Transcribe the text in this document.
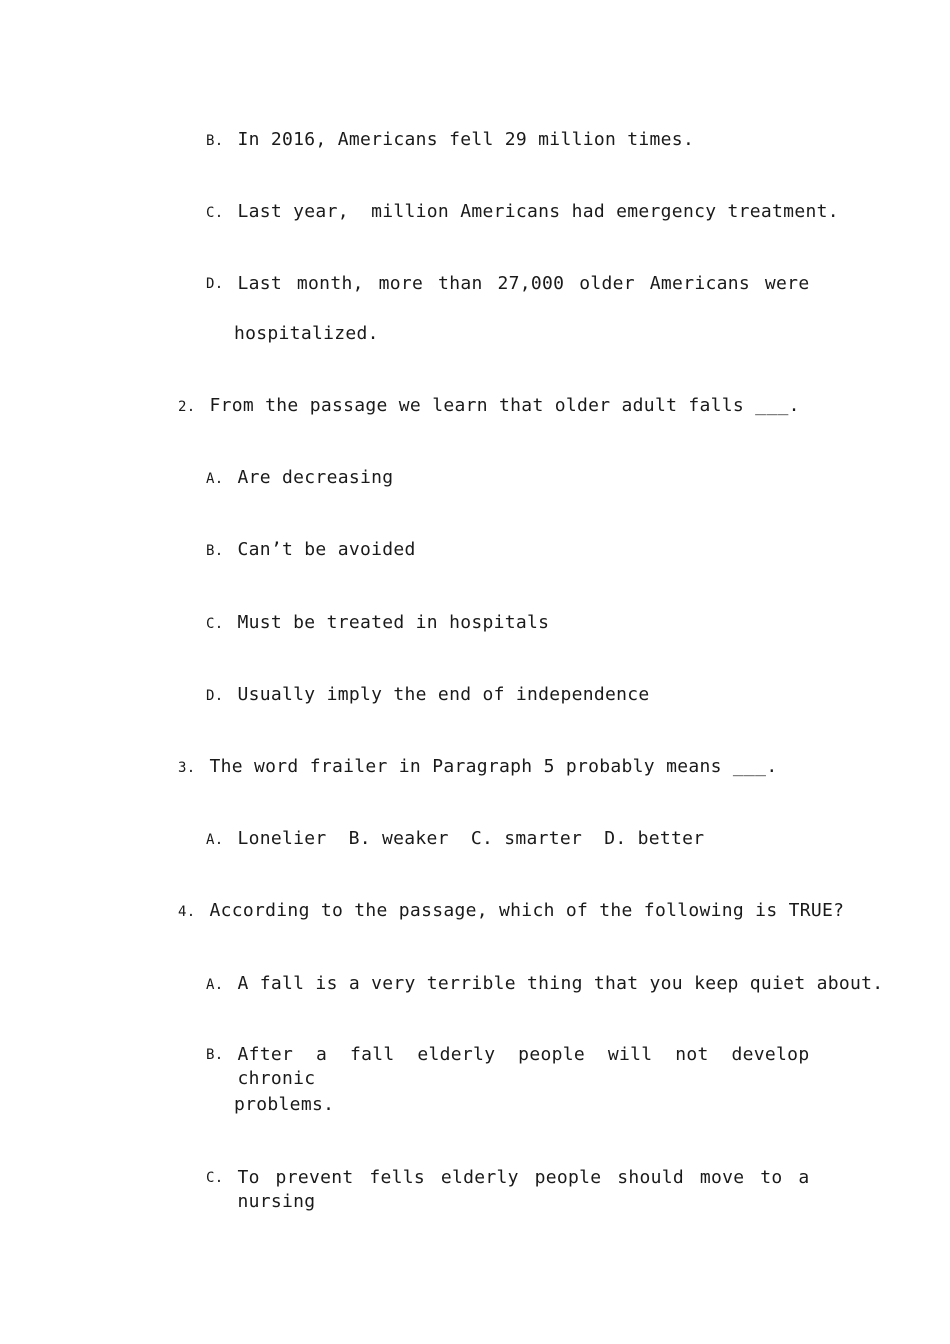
B. In 2016, Americans fell 29 million times.
C. Last year,  million Americans had emergency treatment.
D. Last month, more than 27,000 older Americans were
hospitalized.
2. From the passage we learn that older adult falls ___.
A. Are decreasing
B. Can’t be avoided
C. Must be treated in hospitals
D. Usually imply the end of independence
3. The word frailer in Paragraph 5 probably means ___.
A. Lonelier B. weaker C. smarter D. better
4. According to the passage, which of the following is TRUE?
A. A fall is a very terrible thing that you keep quiet about.
B. After a fall elderly people will not develop chronic
problems.
C. To prevent fells elderly people should move to a nursing
